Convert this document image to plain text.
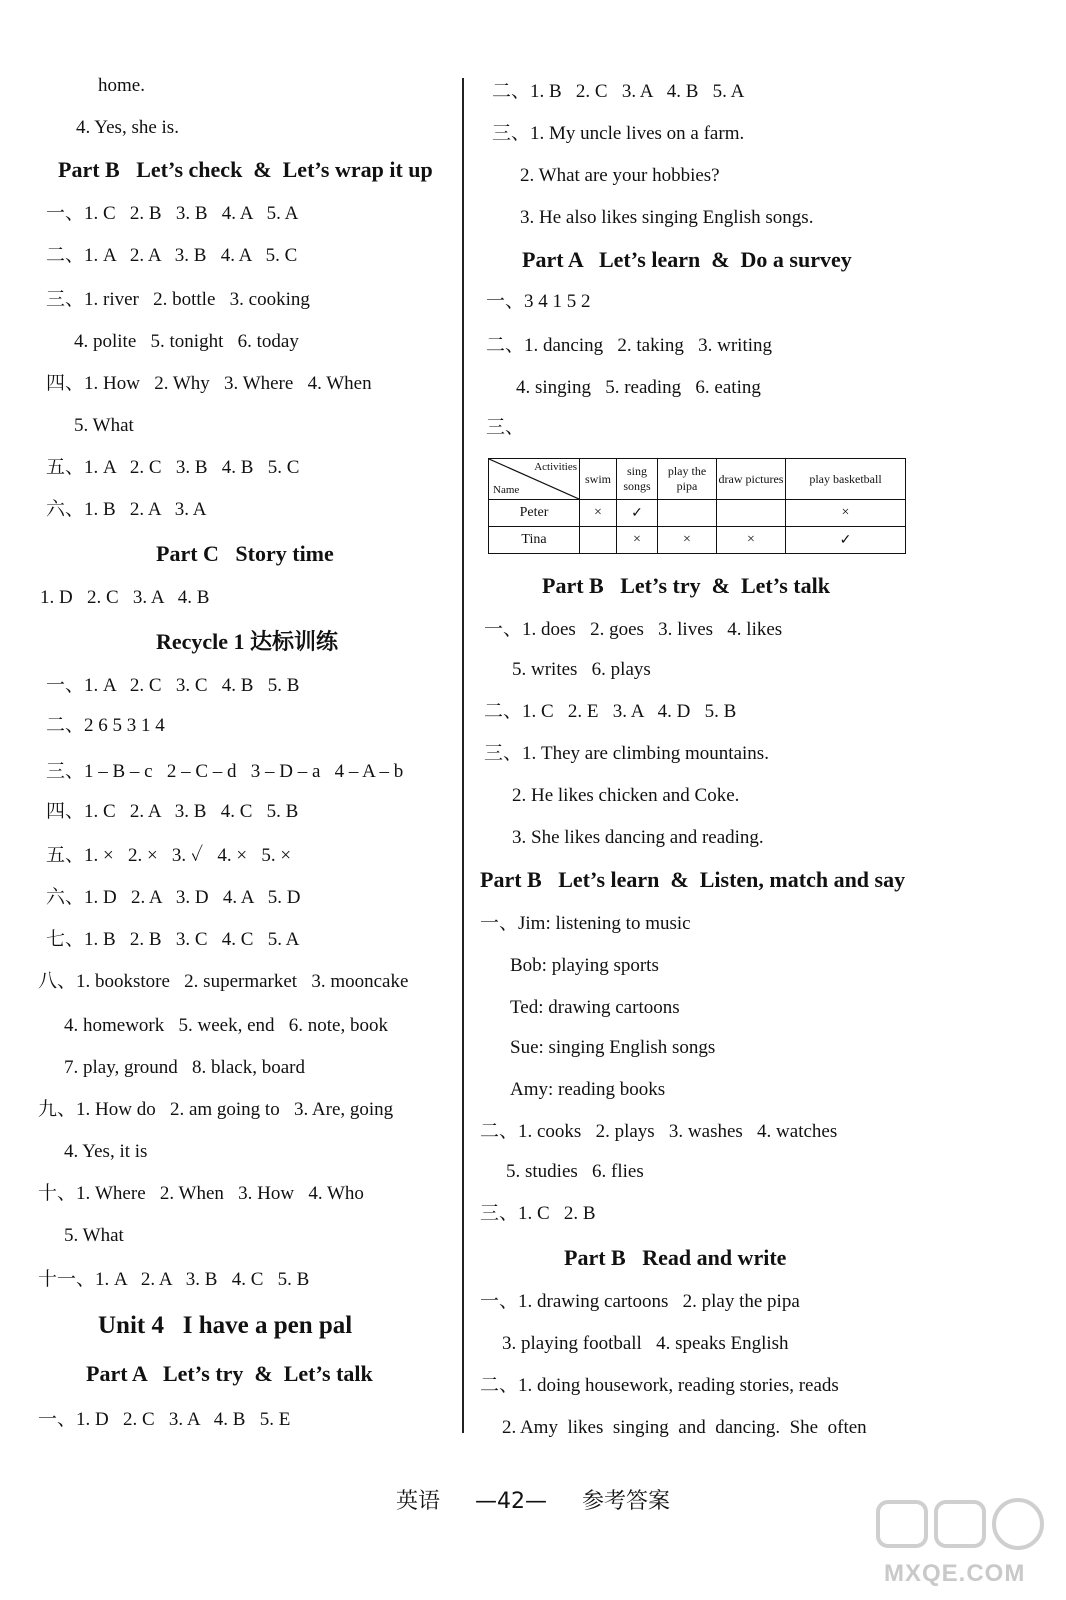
home.
4. Yes, she is.
Part B   Let’s check  &  Let’s wrap it up
一、1. C   2. B   3. B   4. A   5. A
二、1. A   2. A   3. B   4. A   5. C
三、1. river   2. bottle   3. cooking
4. polite   5. tonight   6. today
四、1. How   2. Why   3. Where   4. When
5. What
五、1. A   2. C   3. B   4. B   5. C
六、1. B   2. A   3. A
Part C   Story time
1. D   2. C   3. A   4. B
Recycle 1 达标训练
一、1. A   2. C   3. C   4. B   5. B
二、2 6 5 3 1 4
三、1 – B – c   2 – C – d   3 – D – a   4 – A – b
四、1. C   2. A   3. B   4. C   5. B
五、1. ×   2. ×   3. ✓   4. ×   5. ×
六、1. D   2. A   3. D   4. A   5. D
七、1. B   2. B   3. C   4. C   5. A
八、1. bookstore   2. supermarket   3. mooncake
4. homework   5. week, end   6. note, book
7. play, ground   8. black, board
九、1. How do   2. am going to   3. Are, going
4. Yes, it is
十、1. Where   2. When   3. How   4. Who
5. What
十一、1. A   2. A   3. B   4. C   5. B
Unit 4   I have a pen pal
Part A   Let’s try  &  Let’s talk
一、1. D   2. C   3. A   4. B   5. E
二、1. B   2. C   3. A   4. B   5. A
三、1. My uncle lives on a farm.
2. What are your hobbies?
3. He also likes singing English songs.
Part A   Let’s learn  &  Do a survey
一、3 4 1 5 2
二、1. dancing   2. taking   3. writing
4. singing   5. reading   6. eating
三、
Part B   Let’s try  &  Let’s talk
一、1. does   2. goes   3. lives   4. likes
5. writes   6. plays
二、1. C   2. E   3. A   4. D   5. B
三、1. They are climbing mountains.
2. He likes chicken and Coke.
3. She likes dancing and reading.
Part B   Let’s learn  &  Listen, match and say
一、Jim: listening to music
Bob: playing sports
Ted: drawing cartoons
Sue: singing English songs
Amy: reading books
二、1. cooks   2. plays   3. washes   4. watches
5. studies   6. flies
三、1. C   2. B
Part B   Read and write
一、1. drawing cartoons   2. play the pipa
3. playing football   4. speaks English
二、1. doing housework, reading stories, reads
2. Amy  likes  singing  and  dancing.  She  often
Activities
Name	swim	sing songs	play the pipa	draw pictures	play basketball
Peter	×	✓			×
Tina		×	×	×	✓
英语 —42— 参考答案
MXQE.COM
